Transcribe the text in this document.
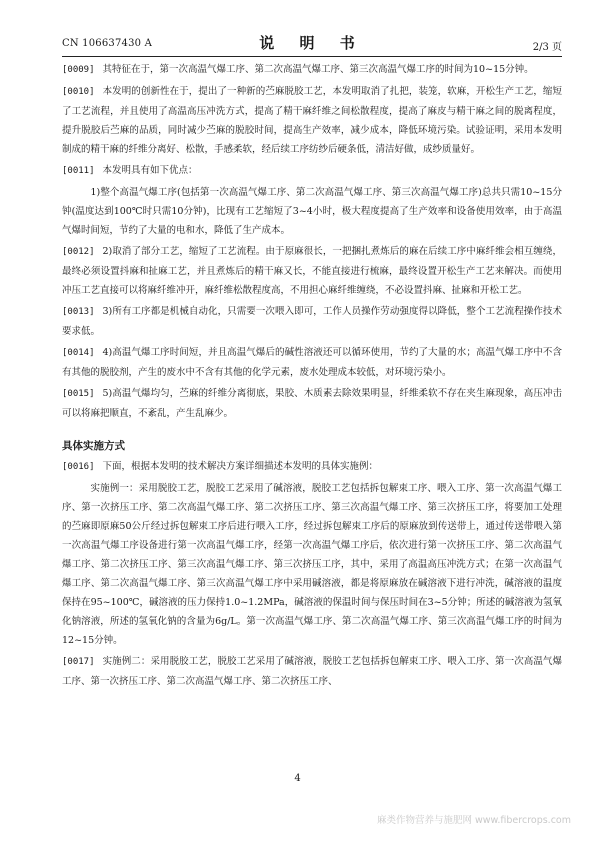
CN 106637430 A	说 明 书	2/3 页

[0009] 其特征在于，第一次高温气爆工序、第二次高温气爆工序、第三次高温气爆工序的时间为10~15分钟。

[0010] 本发明的创新性在于，提出了一种新的苎麻脱胶工艺，本发明取消了扎把，装笼，软麻，开松生产工艺，缩短了工艺流程，并且使用了高温高压冲洗方式，提高了精干麻纤维之间松散程度，提高了麻皮与精干麻之间的脱离程度，提升脱胶后苎麻的品质，同时减少苎麻的脱胶时间，提高生产效率，减少成本，降低环境污染。试验证明，采用本发明制成的精干麻的纤维分离好、松散，手感柔软，经后续工序纺纱后硬条低，清洁好做，成纱质量好。

[0011] 本发明具有如下优点：

1)整个高温气爆工序(包括第一次高温气爆工序、第二次高温气爆工序、第三次高温气爆工序)总共只需10~15分钟(温度达到100℃时只需10分钟)，比现有工艺缩短了3~4小时，极大程度提高了生产效率和设备使用效率，由于高温气爆时间短，节约了大量的电和水，降低了生产成本。

[0012] 2)取消了部分工艺，缩短了工艺流程。由于原麻很长，一把捆扎煮炼后的麻在后续工序中麻纤维会相互缠绕，最终必须设置抖麻和扯麻工艺，并且煮炼后的精干麻又长，不能直接进行梳麻，最终设置开松生产工艺来解决。而使用冲压工艺直接可以将麻纤维冲开，麻纤维松散程度高，不用担心麻纤维缠绕，不必设置抖麻、扯麻和开松工艺。

[0013] 3)所有工序都是机械自动化，只需要一次喂入即可，工作人员操作劳动强度得以降低，整个工艺流程操作技术要求低。

[0014] 4)高温气爆工序时间短，并且高温气爆后的碱性溶液还可以循环使用，节约了大量的水；高温气爆工序中不含有其他的脱胶剂，产生的废水中不含有其他的化学元素，废水处理成本较低，对环境污染小。

[0015] 5)高温气爆均匀，苎麻的纤维分离彻底，果胶、木质素去除效果明显，纤维柔软不存在夹生麻现象，高压冲击可以将麻把顺直，不紊乱，产生乱麻少。

具体实施方式

[0016] 下面，根据本发明的技术解决方案详细描述本发明的具体实施例：

实施例一：采用脱胶工艺，脱胶工艺采用了碱溶液，脱胶工艺包括拆包解束工序、喂入工序、第一次高温气爆工序、第一次挤压工序、第二次高温气爆工序、第二次挤压工序、第三次高温气爆工序、第三次挤压工序，将要加工处理的苎麻即原麻50公斤经过拆包解束工序后进行喂入工序，经过拆包解束工序后的原麻放到传送带上，通过传送带喂入第一次高温气爆工序设备进行第一次高温气爆工序，经第一次高温气爆工序后，依次进行第一次挤压工序、第二次高温气爆工序、第二次挤压工序、第三次高温气爆工序、第三次挤压工序，其中，采用了高温高压冲洗方式；在第一次高温气爆工序、第二次高温气爆工序、第三次高温气爆工序中采用碱溶液，都是将原麻放在碱溶液下进行冲洗，碱溶液的温度保持在95~100℃，碱溶液的压力保持1.0~1.2MPa，碱溶液的保温时间与保压时间在3~5分钟；所述的碱溶液为氢氧化钠溶液，所述的氢氧化钠的含量为6g/L。第一次高温气爆工序、第二次高温气爆工序、第三次高温气爆工序的时间为12~15分钟。

[0017] 实施例二：采用脱胶工艺，脱胶工艺采用了碱溶液，脱胶工艺包括拆包解束工序、喂入工序、第一次高温气爆工序、第一次挤压工序、第二次高温气爆工序、第二次挤压工序、

4
麻类作物营养与施肥网 www.fibercrops.com
